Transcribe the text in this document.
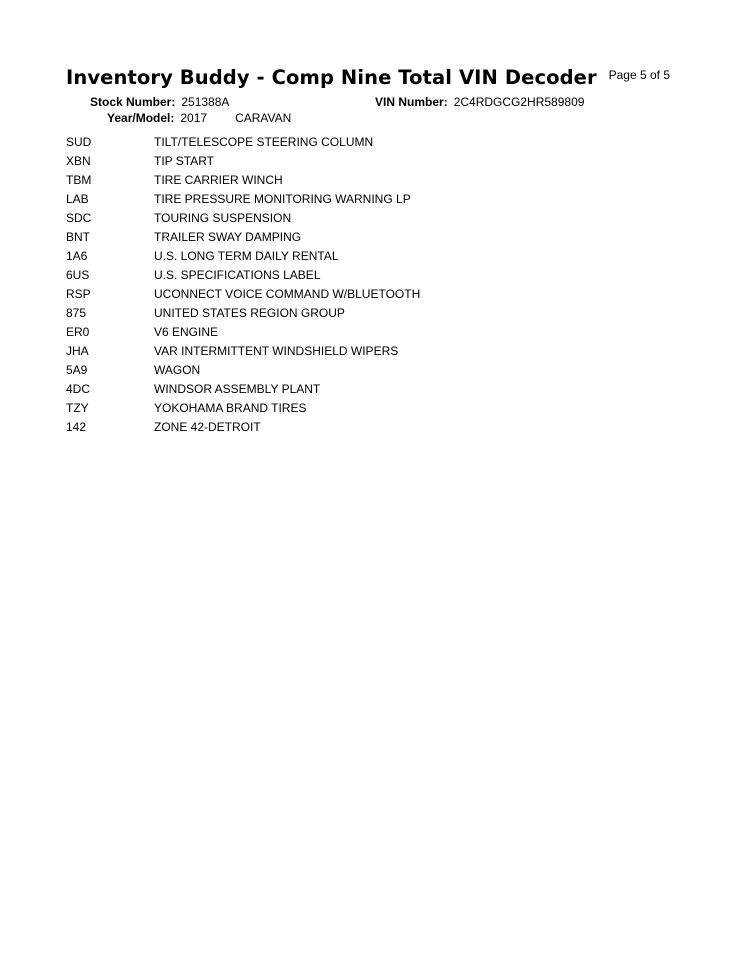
Inventory Buddy - Comp Nine Total VIN Decoder Page 5 of 5
Stock Number: 251388A
Year/Model: 2017 CARAVAN
VIN Number: 2C4RDGCG2HR589809
SUD	TILT/TELESCOPE STEERING COLUMN
XBN	TIP START
TBM	TIRE CARRIER WINCH
LAB	TIRE PRESSURE MONITORING WARNING LP
SDC	TOURING SUSPENSION
BNT	TRAILER SWAY DAMPING
1A6	U.S. LONG TERM DAILY RENTAL
6US	U.S. SPECIFICATIONS LABEL
RSP	UCONNECT VOICE COMMAND W/BLUETOOTH
875	UNITED STATES REGION GROUP
ER0	V6 ENGINE
JHA	VAR INTERMITTENT WINDSHIELD WIPERS
5A9	WAGON
4DC	WINDSOR ASSEMBLY PLANT
TZY	YOKOHAMA BRAND TIRES
142	ZONE 42-DETROIT
